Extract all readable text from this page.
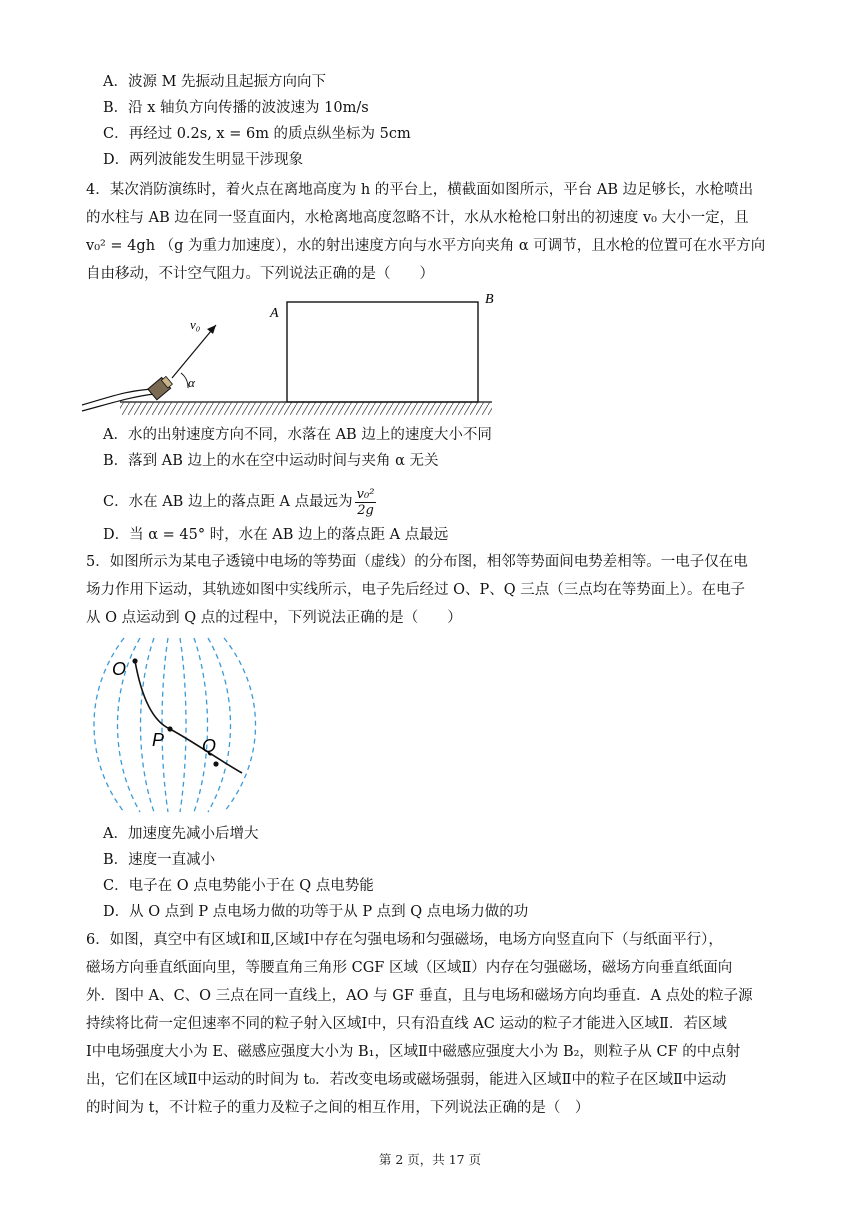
A．波源 M 先振动且起振方向向下
B．沿 x 轴负方向传播的波波速为 10m/s
C．再经过 0.2s, x = 6m 的质点纵坐标为 5cm
D．两列波能发生明显干涉现象
4．某次消防演练时，着火点在离地高度为 h 的平台上，横截面如图所示，平台 AB 边足够长，水枪喷出
的水柱与 AB 边在同一竖直面内，水枪离地高度忽略不计，水从水枪枪口射出的初速度 v₀ 大小一定，且
v₀² = 4gh （g 为重力加速度），水的射出速度方向与水平方向夹角 α 可调节，且水枪的位置可在水平方向
自由移动，不计空气阻力。下列说法正确的是（　　）
A
B
v₀
α
A．水的出射速度方向不同，水落在 AB 边上的速度大小不同
B．落到 AB 边上的水在空中运动时间与夹角 α 无关
C．水在 AB 边上的落点距 A 点最远为 $\frac{\text{v₀²}}{2g}$
D．当 α = 45° 时，水在 AB 边上的落点距 A 点最远
5．如图所示为某电子透镜中电场的等势面（虚线）的分布图，相邻等势面间电势差相等。一电子仅在电
场力作用下运动，其轨迹如图中实线所示，电子先后经过 O、P、Q 三点（三点均在等势面上）。在电子
从 O 点运动到 Q 点的过程中，下列说法正确的是（　　）
O
P Q
A．加速度先减小后增大
B．速度一直减小
C．电子在 O 点电势能小于在 Q 点电势能
D．从 O 点到 P 点电场力做的功等于从 P 点到 Q 点电场力做的功
6．如图，真空中有区域Ⅰ和Ⅱ,区域Ⅰ中存在匀强电场和匀强磁场，电场方向竖直向下（与纸面平行），
磁场方向垂直纸面向里，等腰直角三角形 CGF 区域（区域Ⅱ）内存在匀强磁场，磁场方向垂直纸面向
外．图中 A、C、O 三点在同一直线上，AO 与 GF 垂直，且与电场和磁场方向均垂直．A 点处的粒子源
持续将比荷一定但速率不同的粒子射入区域Ⅰ中，只有沿直线 AC 运动的粒子才能进入区域Ⅱ．若区域
Ⅰ中电场强度大小为 E、磁感应强度大小为 B₁，区域Ⅱ中磁感应强度大小为 B₂，则粒子从 CF 的中点射
出，它们在区域Ⅱ中运动的时间为 t₀．若改变电场或磁场强弱，能进入区域Ⅱ中的粒子在区域Ⅱ中运动
的时间为 t，不计粒子的重力及粒子之间的相互作用，下列说法正确的是（　）
第 2 页，共 17 页
